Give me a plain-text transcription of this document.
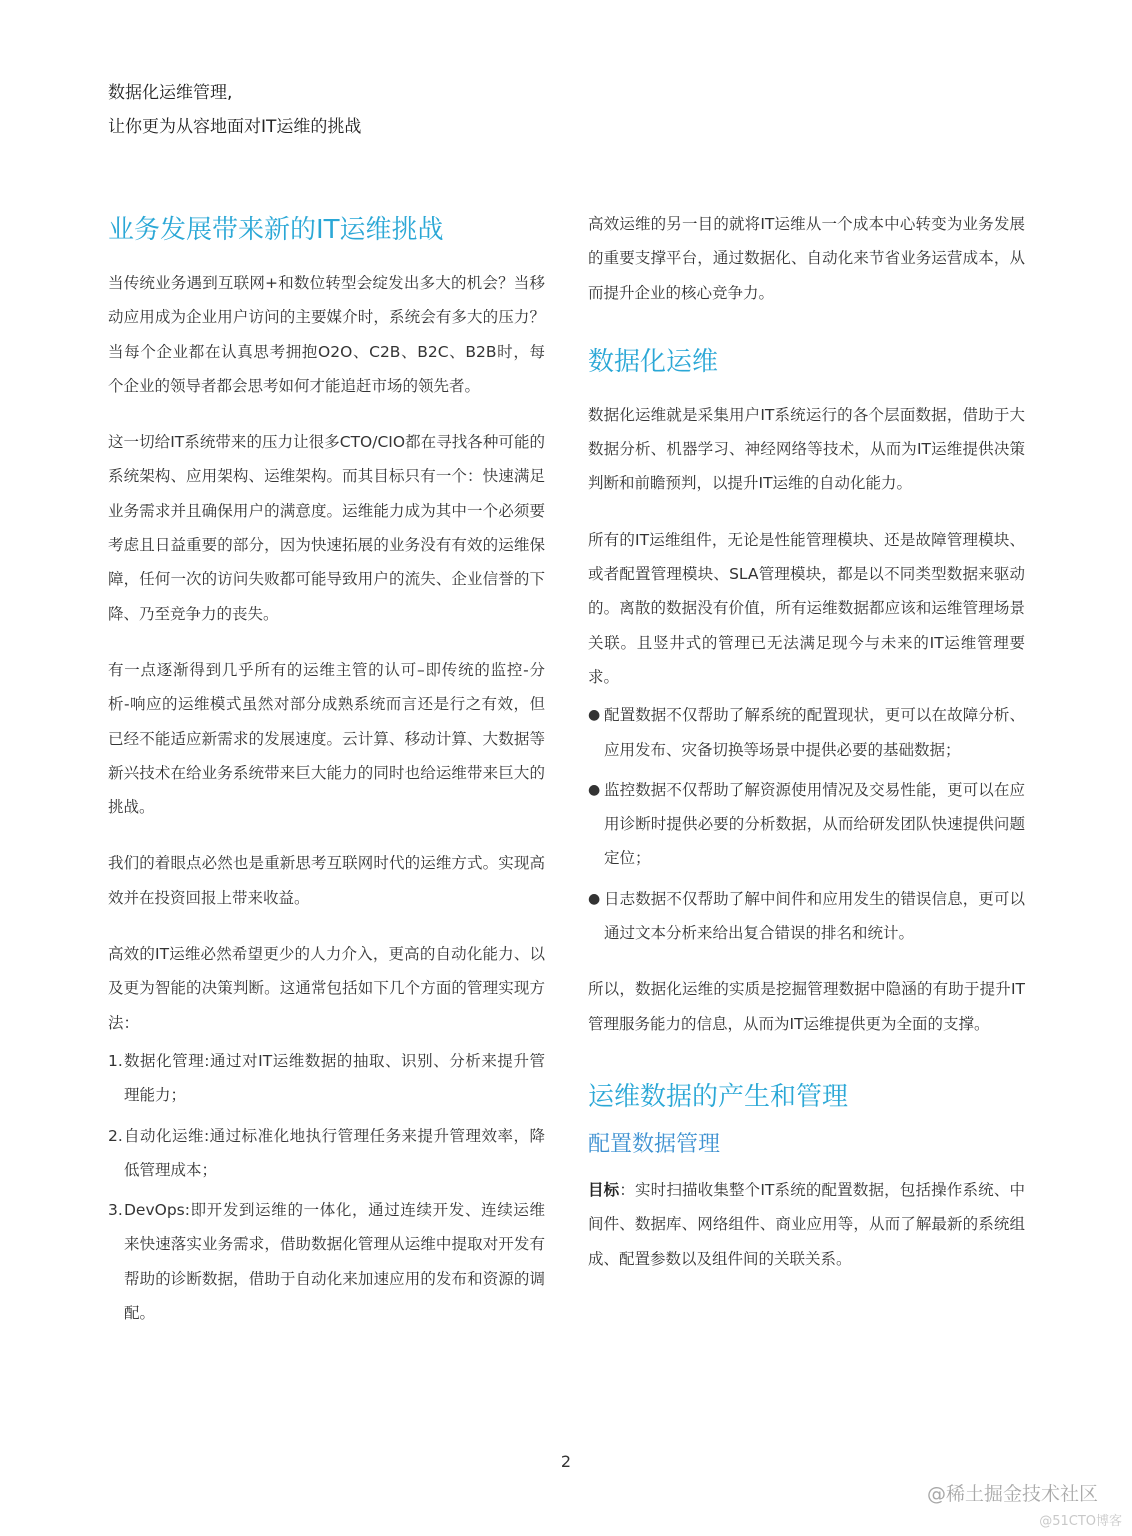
数据化运维管理,
让你更为从容地面对IT运维的挑战
业务发展带来新的IT运维挑战

当传统业务遇到互联网+和数位转型会绽发出多大的机会？当移动应用成为企业用户访问的主要媒介时，系统会有多大的压力？当每个企业都在认真思考拥抱O2O、C2B、B2C、B2B时，每个企业的领导者都会思考如何才能追赶市场的领先者。

这一切给IT系统带来的压力让很多CTO/CIO都在寻找各种可能的系统架构、应用架构、运维架构。而其目标只有一个：快速满足业务需求并且确保用户的满意度。运维能力成为其中一个必须要考虑且日益重要的部分，因为快速拓展的业务没有有效的运维保障，任何一次的访问失败都可能导致用户的流失、企业信誉的下降、乃至竞争力的丧失。

有一点逐渐得到几乎所有的运维主管的认可–即传统的监控-分析-响应的运维模式虽然对部分成熟系统而言还是行之有效，但已经不能适应新需求的发展速度。云计算、移动计算、大数据等新兴技术在给业务系统带来巨大能力的同时也给运维带来巨大的挑战。

我们的着眼点必然也是重新思考互联网时代的运维方式。实现高效并在投资回报上带来收益。

高效的IT运维必然希望更少的人力介入，更高的自动化能力、以及更为智能的决策判断。这通常包括如下几个方面的管理实现方法：

1. 数据化管理:通过对IT运维数据的抽取、识别、分析来提升管理能力；
2. 自动化运维:通过标准化地执行管理任务来提升管理效率，降低管理成本；
3. DevOps:即开发到运维的一体化，通过连续开发、连续运维来快速落实业务需求，借助数据化管理从运维中提取对开发有帮助的诊断数据，借助于自动化来加速应用的发布和资源的调配。

高效运维的另一目的就将IT运维从一个成本中心转变为业务发展的重要支撑平台，通过数据化、自动化来节省业务运营成本，从而提升企业的核心竞争力。

数据化运维

数据化运维就是采集用户IT系统运行的各个层面数据，借助于大数据分析、机器学习、神经网络等技术，从而为IT运维提供决策判断和前瞻预判，以提升IT运维的自动化能力。

所有的IT运维组件，无论是性能管理模块、还是故障管理模块、或者配置管理模块、SLA管理模块，都是以不同类型数据来驱动的。离散的数据没有价值，所有运维数据都应该和运维管理场景关联。且竖井式的管理已无法满足现今与未来的IT运维管理要求。

● 配置数据不仅帮助了解系统的配置现状，更可以在故障分析、应用发布、灾备切换等场景中提供必要的基础数据；
● 监控数据不仅帮助了解资源使用情况及交易性能，更可以在应用诊断时提供必要的分析数据，从而给研发团队快速提供问题定位；
● 日志数据不仅帮助了解中间件和应用发生的错误信息，更可以通过文本分析来给出复合错误的排名和统计。

所以，数据化运维的实质是挖掘管理数据中隐涵的有助于提升IT管理服务能力的信息，从而为IT运维提供更为全面的支撑。

运维数据的产生和管理
配置数据管理

目标：实时扫描收集整个IT系统的配置数据，包括操作系统、中间件、数据库、网络组件、商业应用等，从而了解最新的系统组成、配置参数以及组件间的关联关系。

2
@稀土掘金技术社区
@51CTO博客
